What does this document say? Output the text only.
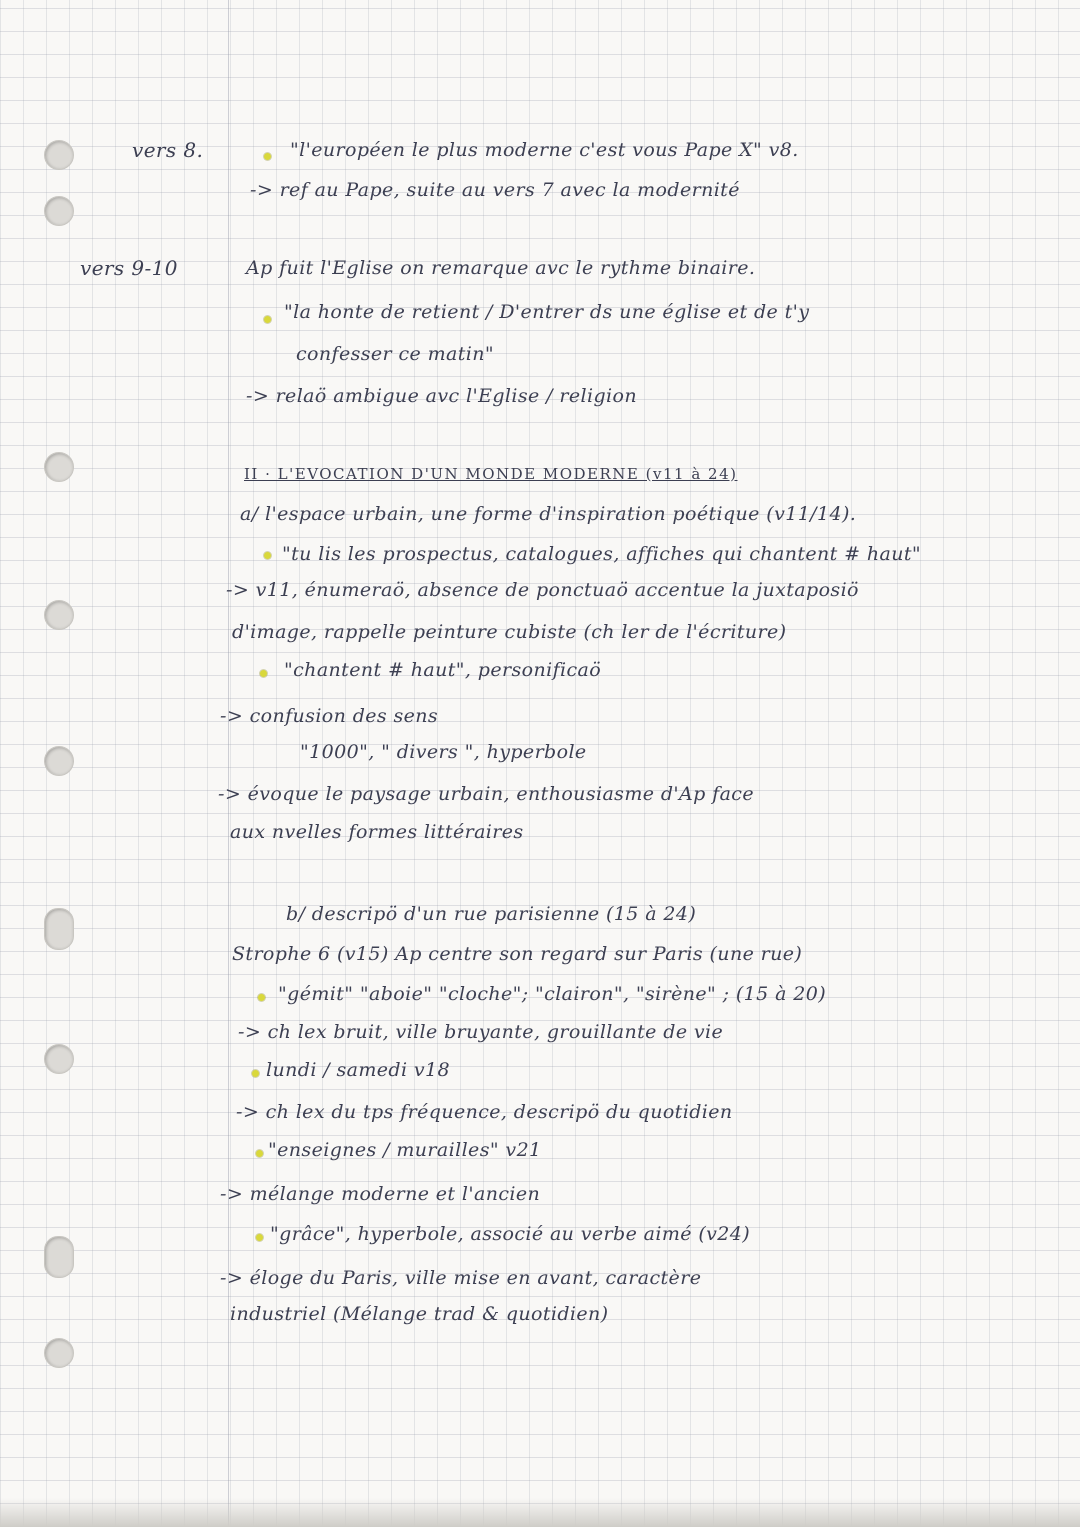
vers 8.	"l'européen le plus moderne c'est vous Pape X" v8.
-> ref au Pape, suite au vers 7 avec la modernité
vers 9-10	Ap fuit l'Eglise on remarque avc le rythme binaire.
"la honte de retient / D'entrer ds une église et de t'y
confesser ce matin"
-> relaö ambigue avc l'Eglise / religion
II · L'EVOCATION D'UN MONDE MODERNE (v11 à 24)
a/ l'espace urbain, une forme d'inspiration poétique (v11/14).
"tu lis les prospectus, catalogues, affiches qui chantent # haut"
-> v11, énumeraö, absence de ponctuaö accentue la juxtaposiö
d'image, rappelle peinture cubiste (ch ler de l'écriture)
"chantent # haut", personificaö
-> confusion des sens
"1000", " divers ", hyperbole
-> évoque le paysage urbain, enthousiasme d'Ap face
aux nvelles formes littéraires
b/ descripö d'un rue parisienne (15 à 24)
Strophe 6 (v15) Ap centre son regard sur Paris (une rue)
"gémit" "aboie" "cloche"; "clairon", "sirène" ; (15 à 20)
-> ch lex bruit, ville bruyante, grouillante de vie
lundi / samedi v18
-> ch lex du tps fréquence, descripö du quotidien
"enseignes / murailles" v21
-> mélange moderne et l'ancien
"grâce", hyperbole, associé au verbe aimé (v24)
-> éloge du Paris, ville mise en avant, caractère
industriel (Mélange trad & quotidien)
